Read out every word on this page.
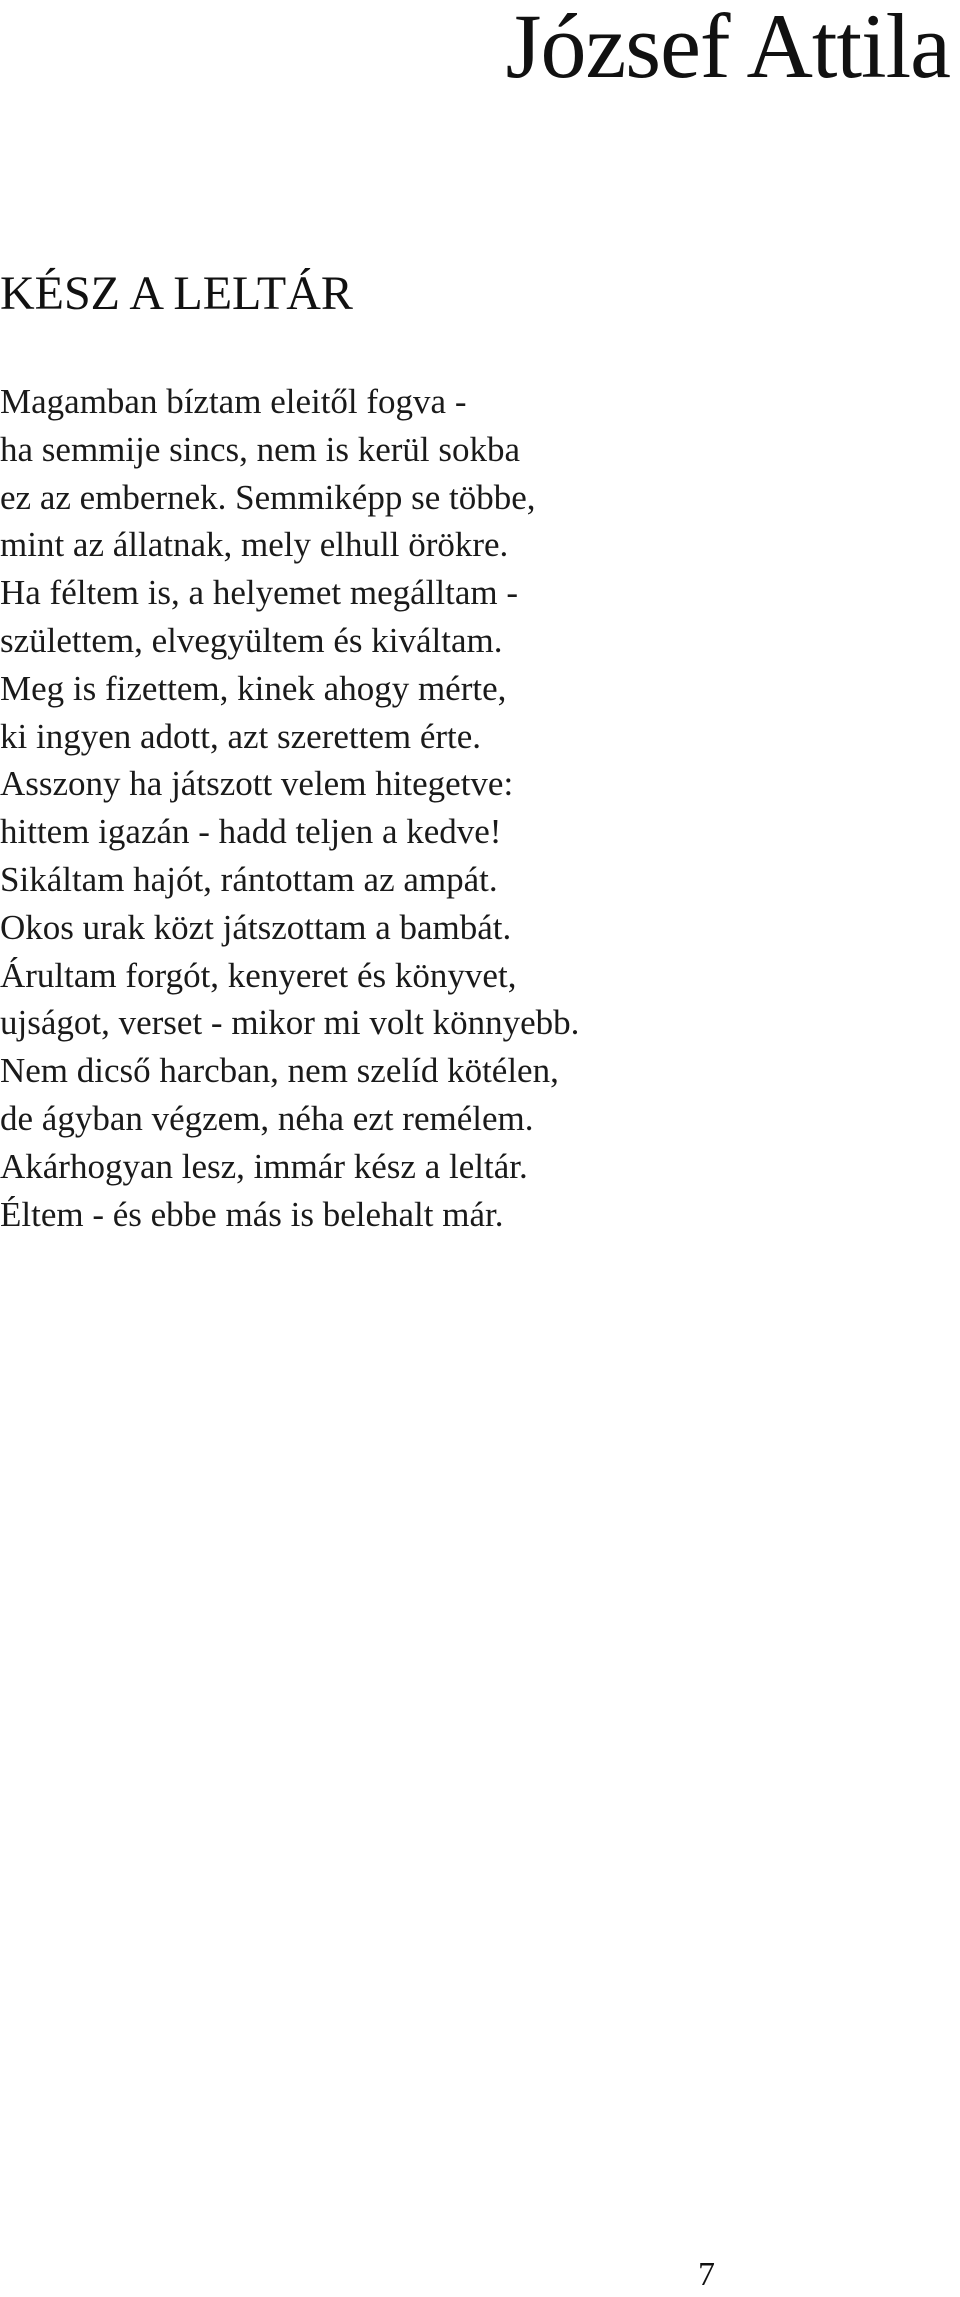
József Attila
KÉSZ A LELTÁR
Magamban bíztam eleitől fogva -
ha semmije sincs, nem is kerül sokba
ez az embernek. Semmiképp se többe,
mint az állatnak, mely elhull örökre.
Ha féltem is, a helyemet megálltam -
születtem, elvegyültem és kiváltam.
Meg is fizettem, kinek ahogy mérte,
ki ingyen adott, azt szerettem érte.
Asszony ha játszott velem hitegetve:
hittem igazán - hadd teljen a kedve!
Sikáltam hajót, rántottam az ampát.
Okos urak közt játszottam a bambát.
Árultam forgót, kenyeret és könyvet,
ujságot, verset - mikor mi volt könnyebb.
Nem dicső harcban, nem szelíd kötélen,
de ágyban végzem, néha ezt remélem.
Akárhogyan lesz, immár kész a leltár.
Éltem - és ebbe más is belehalt már.

7
